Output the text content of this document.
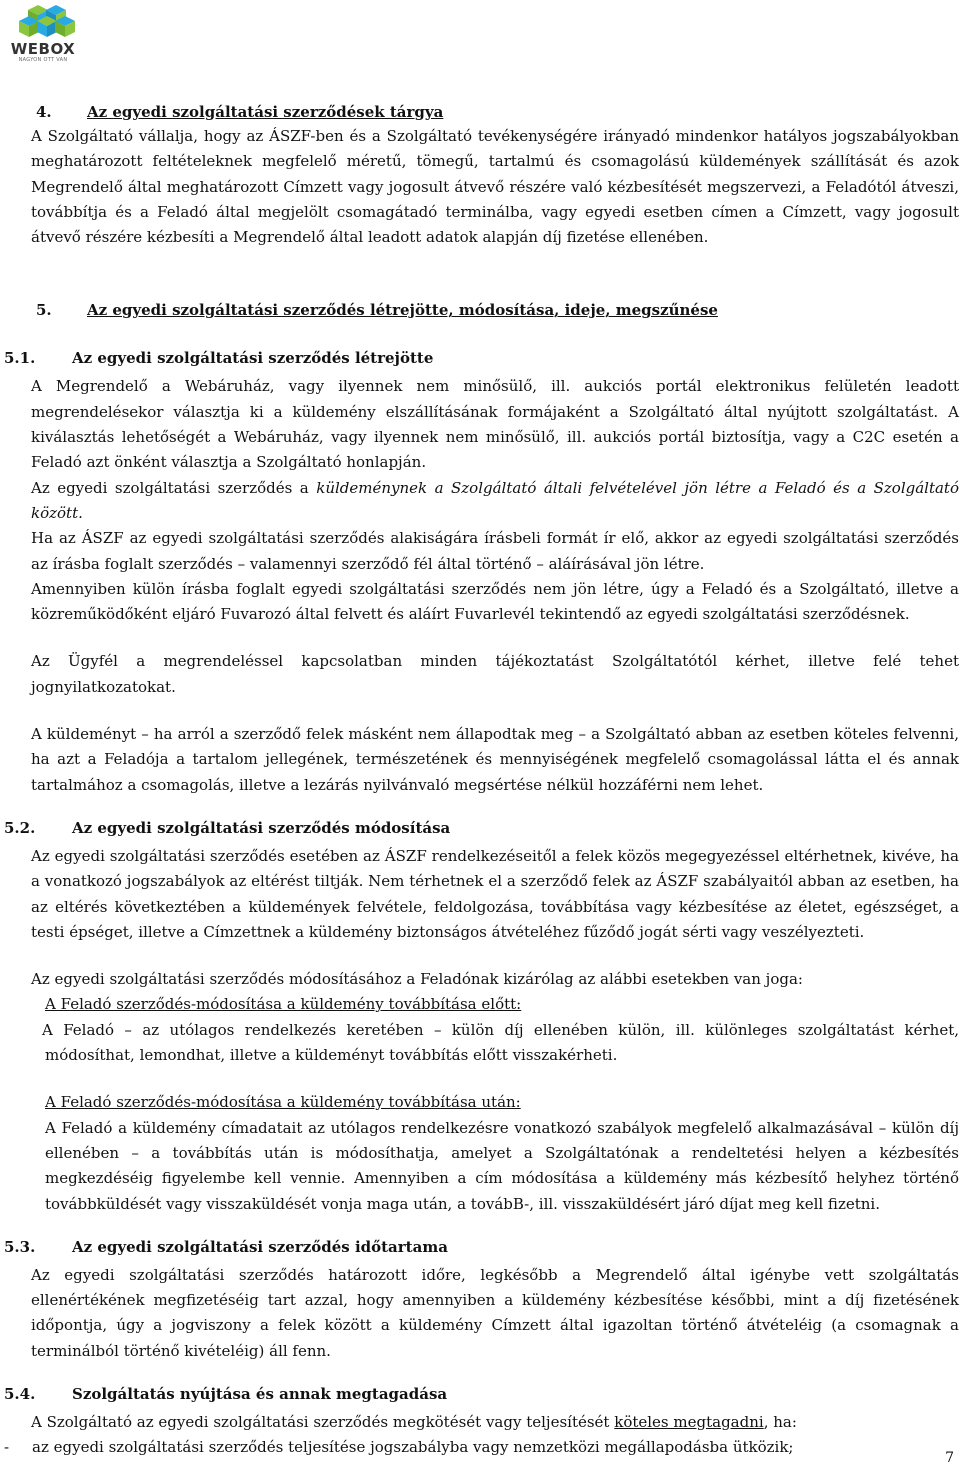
WEBOX
NAGYON OTT VAN
4.	Az egyedi szolgáltatási szerződések tárgya

A Szolgáltató vállalja, hogy az ÁSZF-ben és a Szolgáltató tevékenységére irányadó mindenkor hatályos jogszabályokban meghatározott feltételeknek megfelelő méretű, tömegű, tartalmú és csomagolású küldemények szállítását és azok Megrendelő által meghatározott Címzett vagy jogosult átvevő részére való kézbesítését megszervezi, a Feladótól átveszi, továbbítja és a Feladó által megjelölt csomagátadó terminálba, vagy egyedi esetben címen a Címzett, vagy jogosult átvevő részére kézbesíti a Megrendelő által leadott adatok alapján díj fizetése ellenében.

5.	Az egyedi szolgáltatási szerződés létrejötte, módosítása, ideje, megszűnése
5.1.	Az egyedi szolgáltatási szerződés létrejötte

A Megrendelő a Webáruház, vagy ilyennek nem minősülő, ill. aukciós portál elektronikus felületén leadott megrendelésekor választja ki a küldemény elszállításának formájaként a Szolgáltató által nyújtott szolgáltatást. A kiválasztás lehetőségét a Webáruház, vagy ilyennek nem minősülő, ill. aukciós portál biztosítja, vagy a C2C esetén a Feladó azt önként választja a Szolgáltató honlapján.

Az egyedi szolgáltatási szerződés a küldeménynek a Szolgáltató általi felvételével jön létre a Feladó és a Szolgáltató között.

Ha az ÁSZF az egyedi szolgáltatási szerződés alakiságára írásbeli formát ír elő, akkor az egyedi szolgáltatási szerződés az írásba foglalt szerződés – valamennyi szerződő fél által történő – aláírásával jön létre.

Amennyiben külön írásba foglalt egyedi szolgáltatási szerződés nem jön létre, úgy a Feladó és a Szolgáltató, illetve a közreműködőként eljáró Fuvarozó által felvett és aláírt Fuvarlevél tekintendő az egyedi szolgáltatási szerződésnek.

Az Ügyfél a megrendeléssel kapcsolatban minden tájékoztatást Szolgáltatótól kérhet, illetve felé tehet jognyilatkozatokat.

A küldeményt – ha arról a szerződő felek másként nem állapodtak meg – a Szolgáltató abban az esetben köteles felvenni, ha azt a Feladója a tartalom jellegének, természetének és mennyiségének megfelelő csomagolással látta el és annak tartalmához a csomagolás, illetve a lezárás nyilvánvaló megsértése nélkül hozzáférni nem lehet.

5.2.	Az egyedi szolgáltatási szerződés módosítása

Az egyedi szolgáltatási szerződés esetében az ÁSZF rendelkezéseitől a felek közös megegyezéssel eltérhetnek, kivéve, ha a vonatkozó jogszabályok az eltérést tiltják. Nem térhetnek el a szerződő felek az ÁSZF szabályaitól abban az esetben, ha az eltérés következtében a küldemények felvétele, feldolgozása, továbbítása vagy kézbesítése az életet, egészséget, a testi épséget, illetve a Címzettnek a küldemény biztonságos átvételéhez fűződő jogát sérti vagy veszélyezteti.

Az egyedi szolgáltatási szerződés módosításához a Feladónak kizárólag az alábbi esetekben van joga:

A Feladó szerződés-módosítása a küldemény továbbítása előtt:

A Feladó – az utólagos rendelkezés keretében – külön díj ellenében külön, ill. különleges szolgáltatást kérhet, módosíthat, lemondhat, illetve a küldeményt továbbítás előtt visszakérheti.

A Feladó szerződés-módosítása a küldemény továbbítása után:

A Feladó a küldemény címadatait az utólagos rendelkezésre vonatkozó szabályok megfelelő alkalmazásával – külön díj ellenében – a továbbítás után is módosíthatja, amelyet a Szolgáltatónak a rendeltetési helyen a kézbesítés megkezdéséig figyelembe kell vennie. Amennyiben a cím módosítása a küldemény más kézbesítő helyhez történő továbbküldését vagy visszaküldését vonja maga után, a továbB-, ill. visszaküldésért járó díjat meg kell fizetni.

5.3.	Az egyedi szolgáltatási szerződés időtartama

Az egyedi szolgáltatási szerződés határozott időre, legkésőbb a Megrendelő által igénybe vett szolgáltatás ellenértékének megfizetéséig tart azzal, hogy amennyiben a küldemény kézbesítése későbbi, mint a díj fizetésének időpontja, úgy a jogviszony a felek között a küldemény Címzett által igazoltan történő átvételéig (a csomagnak a terminálból történő kivételéig) áll fenn.

5.4.	Szolgáltatás nyújtása és annak megtagadása

A Szolgáltató az egyedi szolgáltatási szerződés megkötését vagy teljesítését köteles megtagadni, ha:

-	az egyedi szolgáltatási szerződés teljesítése jogszabályba vagy nemzetközi megállapodásba ütközik;
7
